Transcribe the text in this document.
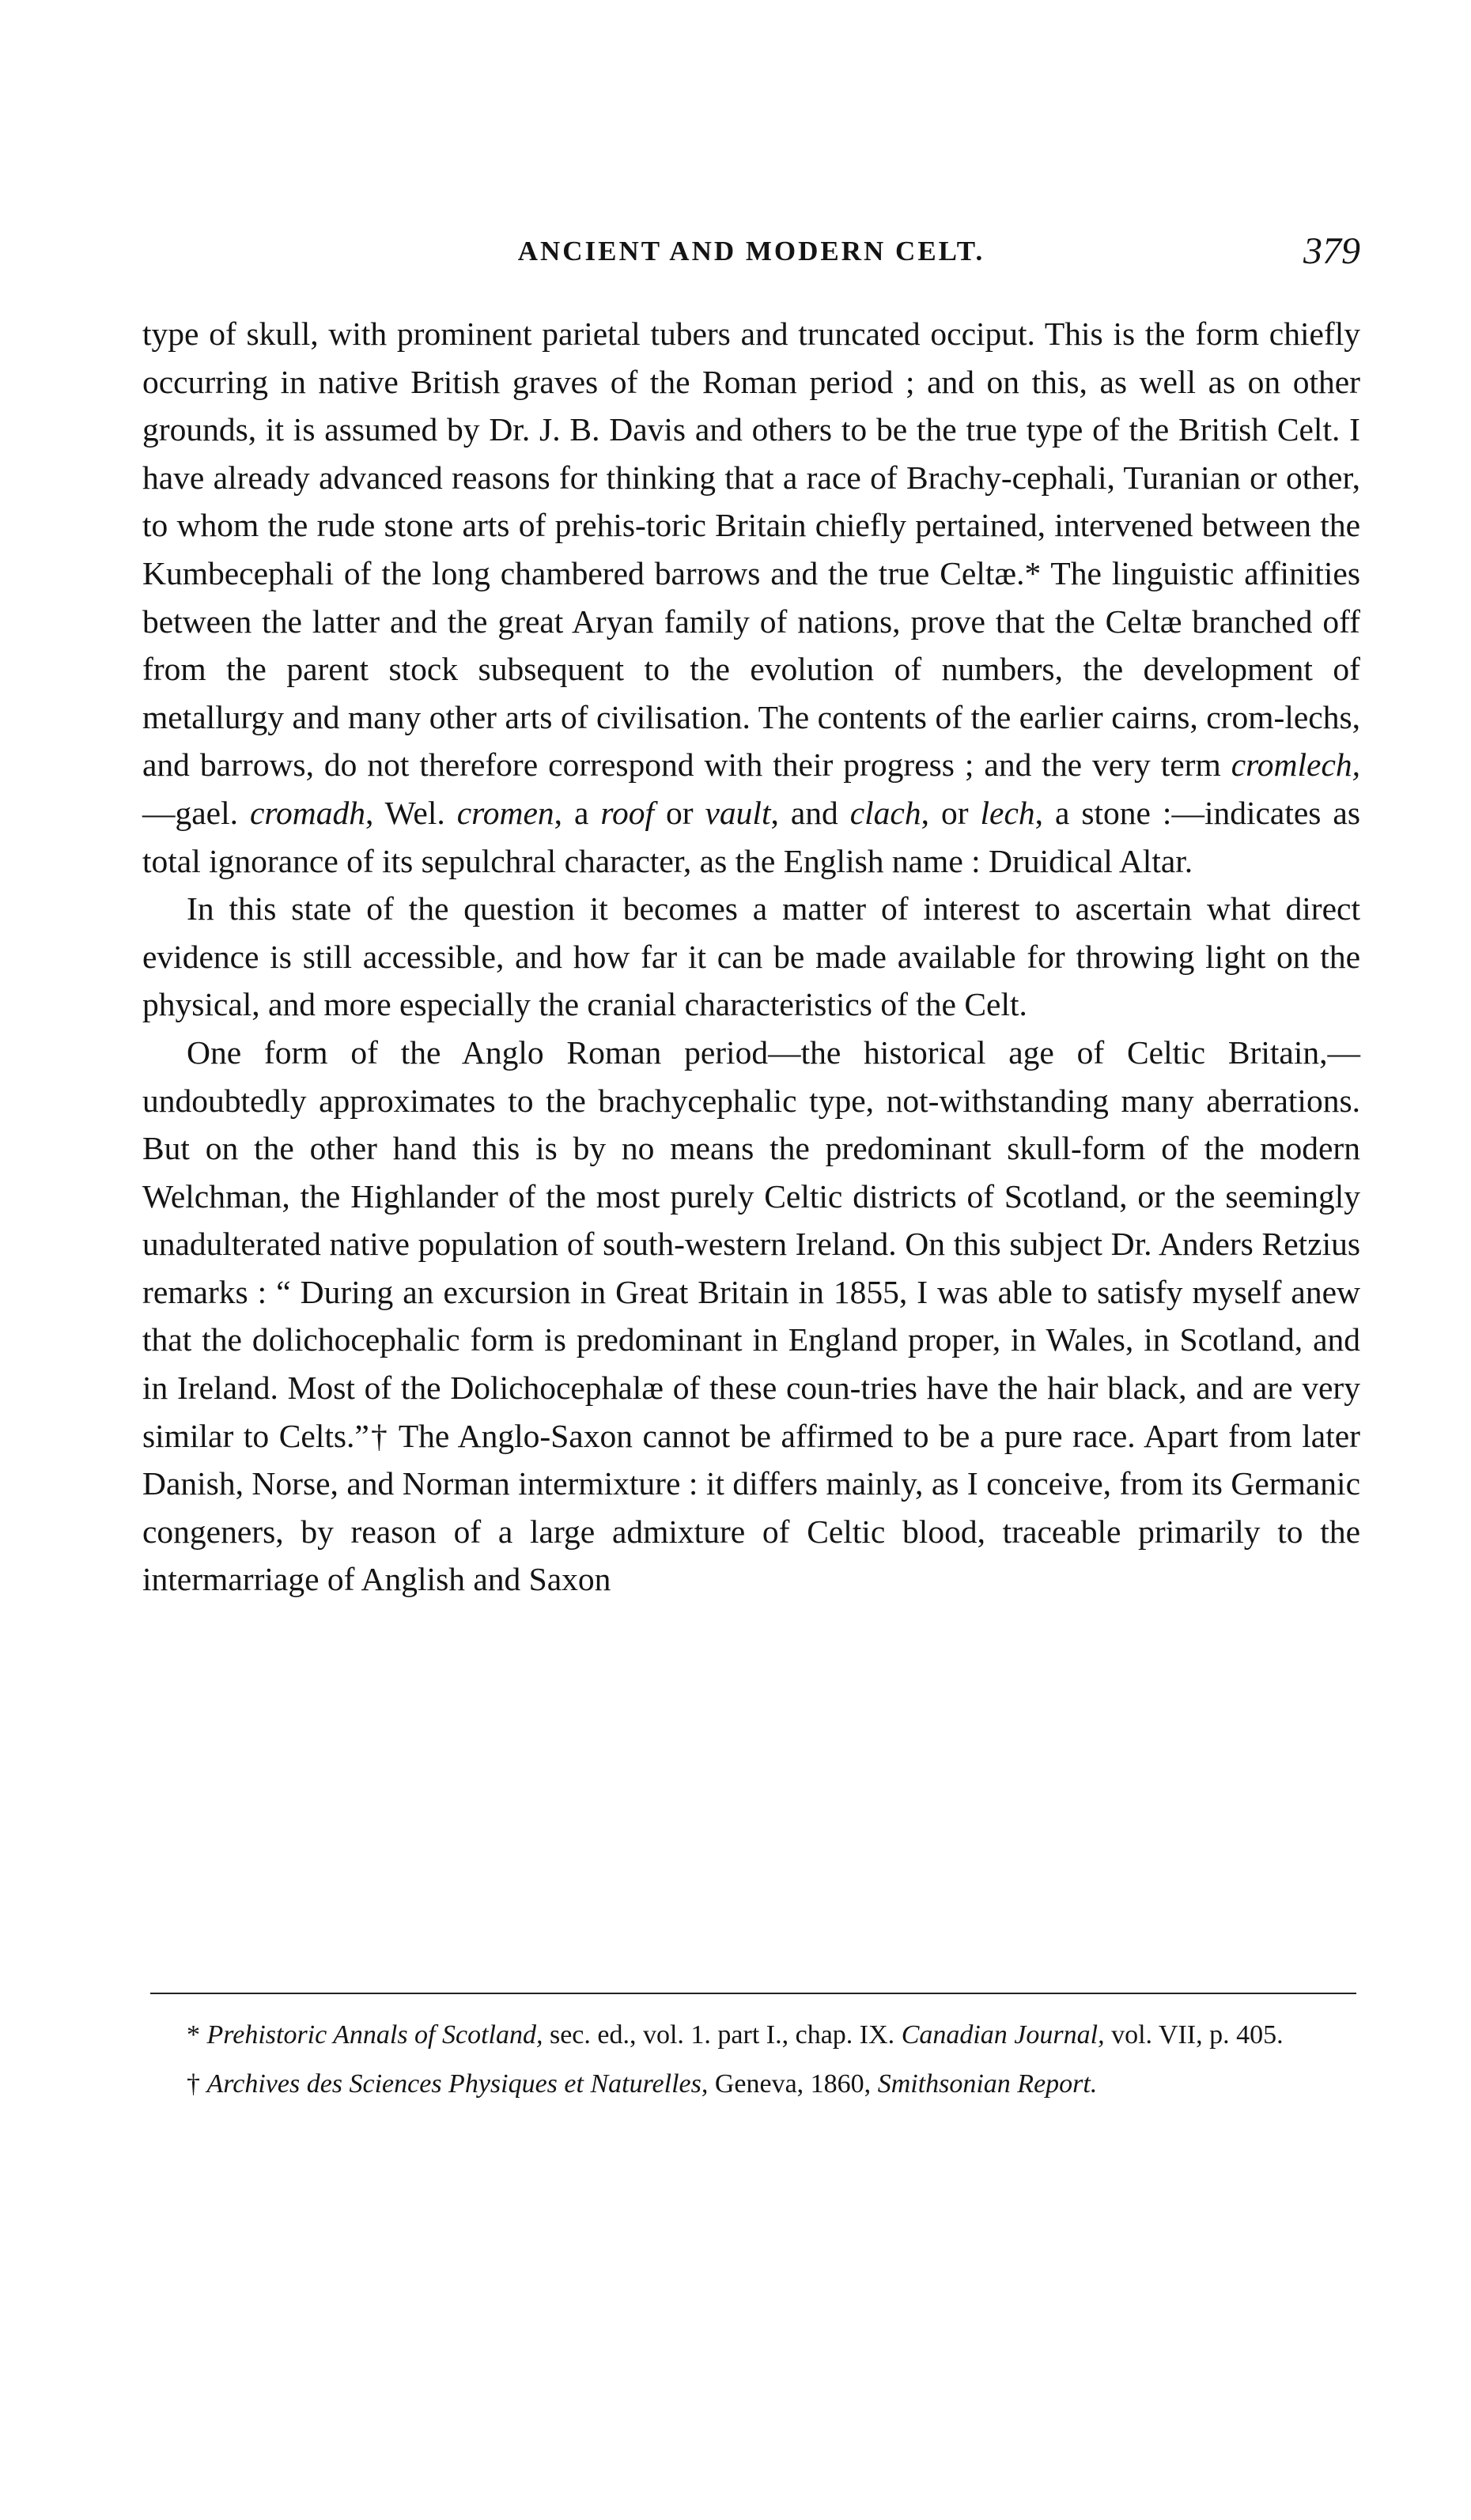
ANCIENT AND MODERN CELT.	379

type of skull, with prominent parietal tubers and truncated occiput. This is the form chiefly occurring in native British graves of the Roman period ; and on this, as well as on other grounds, it is assumed by Dr. J. B. Davis and others to be the true type of the British Celt. I have already advanced reasons for thinking that a race of Brachy-cephali, Turanian or other, to whom the rude stone arts of prehis-toric Britain chiefly pertained, intervened between the Kumbecephali of the long chambered barrows and the true Celtæ.* The linguistic affinities between the latter and the great Aryan family of nations, prove that the Celtæ branched off from the parent stock subsequent to the evolution of numbers, the development of metallurgy and many other arts of civilisation. The contents of the earlier cairns, crom-lechs, and barrows, do not therefore correspond with their progress ; and the very term cromlech,—gael. cromadh, Wel. cromen, a roof or vault, and clach, or lech, a stone :—indicates as total ignorance of its sepulchral character, as the English name : Druidical Altar.

In this state of the question it becomes a matter of interest to ascertain what direct evidence is still accessible, and how far it can be made available for throwing light on the physical, and more especially the cranial characteristics of the Celt.

One form of the Anglo Roman period—the historical age of Celtic Britain,—undoubtedly approximates to the brachycephalic type, not-withstanding many aberrations. But on the other hand this is by no means the predominant skull-form of the modern Welchman, the Highlander of the most purely Celtic districts of Scotland, or the seemingly unadulterated native population of south-western Ireland. On this subject Dr. Anders Retzius remarks : “ During an excursion in Great Britain in 1855, I was able to satisfy myself anew that the dolichocephalic form is predominant in England proper, in Wales, in Scotland, and in Ireland. Most of the Dolichocephalæ of these coun-tries have the hair black, and are very similar to Celts.”† The Anglo-Saxon cannot be affirmed to be a pure race. Apart from later Danish, Norse, and Norman intermixture : it differs mainly, as I conceive, from its Germanic congeners, by reason of a large admixture of Celtic blood, traceable primarily to the intermarriage of Anglish and Saxon

* Prehistoric Annals of Scotland, sec. ed., vol. 1. part I., chap. IX. Canadian Journal, vol. VII, p. 405.

† Archives des Sciences Physiques et Naturelles, Geneva, 1860, Smithsonian Report.
